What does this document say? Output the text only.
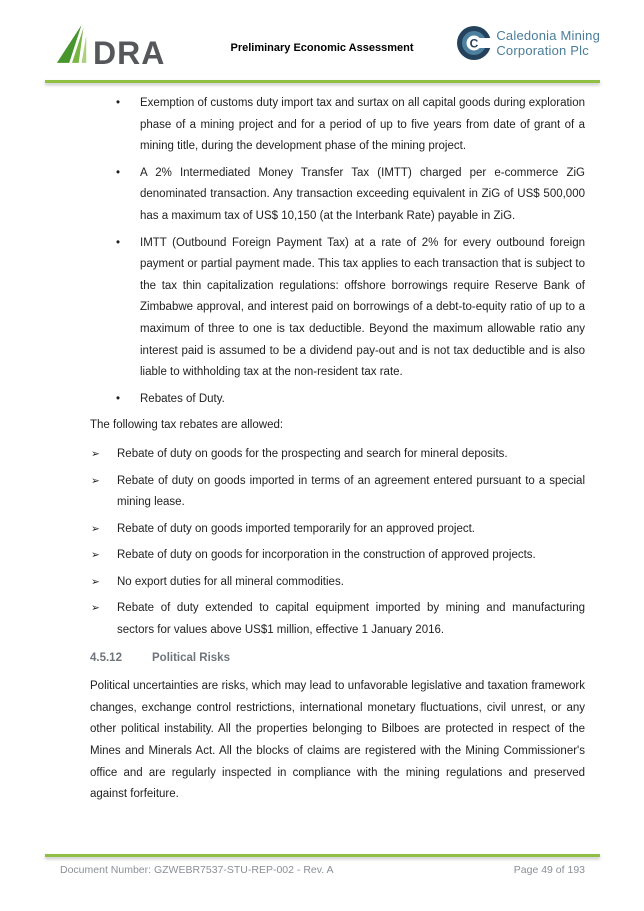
DRA	Preliminary Economic Assessment	C
Caledonia Mining
Corporation Plc
• Exemption of customs duty import tax and surtax on all capital goods during exploration phase of a mining project and for a period of up to five years from date of grant of a mining title, during the development phase of the mining project.
• A 2% Intermediated Money Transfer Tax (IMTT) charged per e-commerce ZiG denominated transaction. Any transaction exceeding equivalent in ZiG of US$ 500,000 has a maximum tax of US$ 10,150 (at the Interbank Rate) payable in ZiG.
• IMTT (Outbound Foreign Payment Tax) at a rate of 2% for every outbound foreign payment or partial payment made. This tax applies to each transaction that is subject to the tax thin capitalization regulations: offshore borrowings require Reserve Bank of Zimbabwe approval, and interest paid on borrowings of a debt-to-equity ratio of up to a maximum of three to one is tax deductible. Beyond the maximum allowable ratio any interest paid is assumed to be a dividend pay-out and is not tax deductible and is also liable to withholding tax at the non-resident tax rate.
• Rebates of Duty.

The following tax rebates are allowed:

➢ Rebate of duty on goods for the prospecting and search for mineral deposits.
➢ Rebate of duty on goods imported in terms of an agreement entered pursuant to a special mining lease.
➢ Rebate of duty on goods imported temporarily for an approved project.
➢ Rebate of duty on goods for incorporation in the construction of approved projects.
➢ No export duties for all mineral commodities.
➢ Rebate of duty extended to capital equipment imported by mining and manufacturing sectors for values above US$1 million, effective 1 January 2016.
4.5.12	Political Risks

Political uncertainties are risks, which may lead to unfavorable legislative and taxation framework changes, exchange control restrictions, international monetary fluctuations, civil unrest, or any other political instability. All the properties belonging to Bilboes are protected in respect of the Mines and Minerals Act. All the blocks of claims are registered with the Mining Commissioner's office and are regularly inspected in compliance with the mining regulations and preserved against forfeiture.

Document Number: GZWEBR7537-STU-REP-002 - Rev. A	Page 49 of 193
